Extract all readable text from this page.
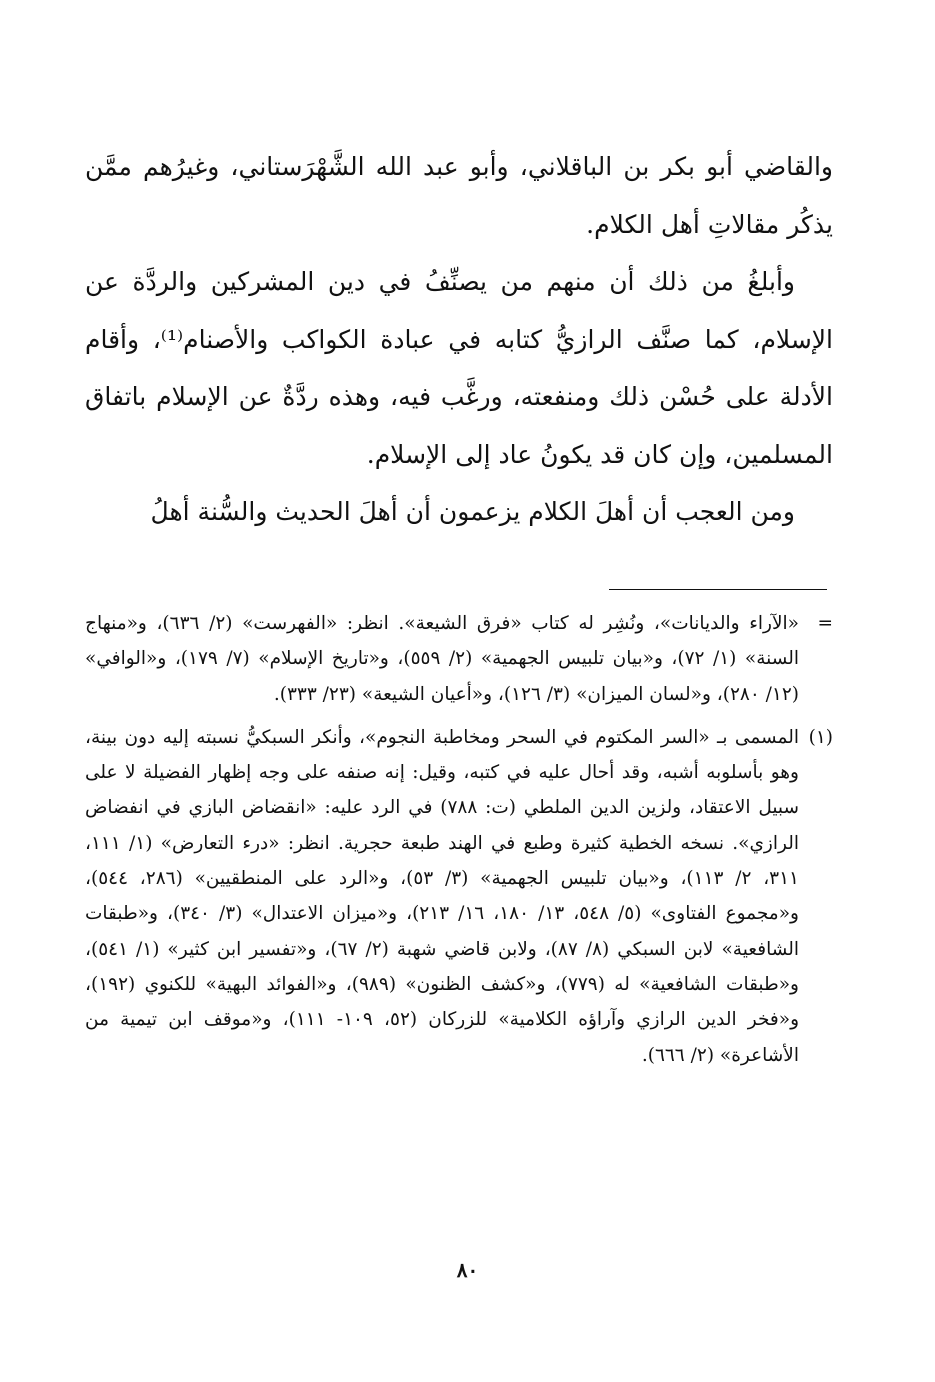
والقاضي أبو بكر بن الباقلاني، وأبو عبد الله الشَّهْرَستاني، وغيرُهم ممَّن يذكُر مقالاتِ أهل الكلام.

وأبلغُ من ذلك أن منهم من يصنِّفُ في دين المشركين والردَّة عن الإسلام، كما صنَّف الرازيُّ كتابه في عبادة الكواكب والأصنام⁽¹⁾، وأقام الأدلة على حُسْن ذلك ومنفعته، ورغَّب فيه، وهذه ردَّةٌ عن الإسلام باتفاق المسلمين، وإن كان قد يكونُ عاد إلى الإسلام.

ومن العجب أن أهلَ الكلام يزعمون أن أهلَ الحديث والسُّنة أهلُ

=
«الآراء والديانات»، ونُشِر له كتاب «فرق الشيعة». انظر: «الفهرست» (٢/ ٦٣٦)، و«منهاج السنة» (١/ ٧٢)، و«بيان تلبيس الجهمية» (٢/ ٥٥٩)، و«تاريخ الإسلام» (٧/ ١٧٩)، و«الوافي» (١٢/ ٢٨٠)، و«لسان الميزان» (٣/ ١٢٦)، و«أعيان الشيعة» (٢٣/ ٣٣٣).

(١)
المسمى بـ «السر المكتوم في السحر ومخاطبة النجوم»، وأنكر السبكيُّ نسبته إليه دون بينة، وهو بأسلوبه أشبه، وقد أحال عليه في كتبه، وقيل: إنه صنفه على وجه إظهار الفضيلة لا على سبيل الاعتقاد، ولزين الدين الملطي (ت: ٧٨٨) في الرد عليه: «انقضاض البازي في انفضاض الرازي». نسخه الخطية كثيرة وطبع في الهند طبعة حجرية. انظر: «درء التعارض» (١/ ١١١، ٣١١، ٢/ ١١٣)، و«بيان تلبيس الجهمية» (٣/ ٥٣)، و«الرد على المنطقيين» (٢٨٦، ٥٤٤)، و«مجموع الفتاوى» (٥/ ٥٤٨، ١٣/ ١٨٠، ١٦/ ٢١٣)، و«ميزان الاعتدال» (٣/ ٣٤٠)، و«طبقات الشافعية» لابن السبكي (٨/ ٨٧)، ولابن قاضي شهبة (٢/ ٦٧)، و«تفسير ابن كثير» (١/ ٥٤١)، و«طبقات الشافعية» له (٧٧٩)، و«كشف الظنون» (٩٨٩)، و«الفوائد البهية» للكنوي (١٩٢)، و«فخر الدين الرازي وآراؤه الكلامية» للزركان (٥٢، ١٠٩- ١١١)، و«موقف ابن تيمية من الأشاعرة» (٢/ ٦٦٦).

٨٠
